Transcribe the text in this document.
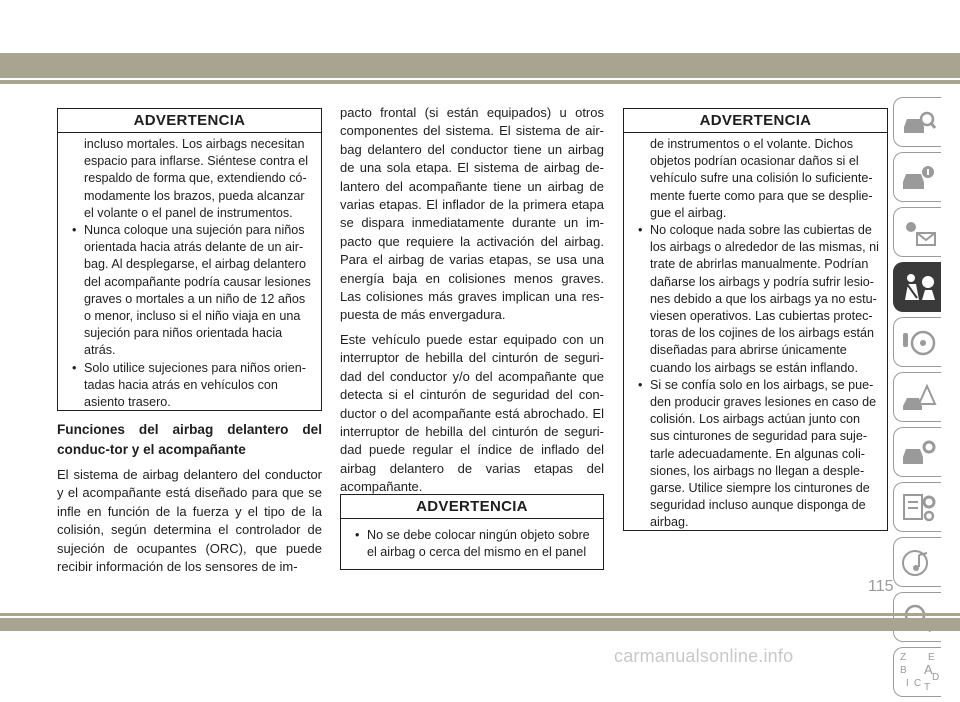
ADVERTENCIA
incluso mortales. Los airbags necesitan espacio para inflarse. Siéntese contra el respaldo de forma que, extendiendo có-modamente los brazos, pueda alcanzar el volante o el panel de instrumentos.
• Nunca coloque una sujeción para niños orientada hacia atrás delante de un air-bag. Al desplegarse, el airbag delantero del acompañante podría causar lesiones graves o mortales a un niño de 12 años o menor, incluso si el niño viaja en una sujeción para niños orientada hacia atrás.
• Solo utilice sujeciones para niños orien-tadas hacia atrás en vehículos con asiento trasero.
Funciones del airbag delantero del conduc-tor y el acompañante

El sistema de airbag delantero del conductor y el acompañante está diseñado para que se infle en función de la fuerza y el tipo de la colisión, según determina el controlador de sujeción de ocupantes (ORC), que puede recibir información de los sensores de im-

pacto frontal (si están equipados) u otros componentes del sistema. El sistema de air-bag delantero del conductor tiene un airbag de una sola etapa. El sistema de airbag de-lantero del acompañante tiene un airbag de varias etapas. El inflador de la primera etapa se dispara inmediatamente durante un im-pacto que requiere la activación del airbag. Para el airbag de varias etapas, se usa una energía baja en colisiones menos graves. Las colisiones más graves implican una res-puesta de más envergadura.

Este vehículo puede estar equipado con un interruptor de hebilla del cinturón de seguri-dad del conductor y/o del acompañante que detecta si el cinturón de seguridad del con-ductor o del acompañante está abrochado. El interruptor de hebilla del cinturón de seguri-dad puede regular el índice de inflado del airbag delantero de varias etapas del acompañante.

ADVERTENCIA
• No se debe colocar ningún objeto sobre el airbag o cerca del mismo en el panel
ADVERTENCIA
de instrumentos o el volante. Dichos objetos podrían ocasionar daños si el vehículo sufre una colisión lo suficiente-mente fuerte como para que se desplie-gue el airbag.
• No coloque nada sobre las cubiertas de los airbags o alrededor de las mismas, ni trate de abrirlas manualmente. Podrían dañarse los airbags y podría sufrir lesio-nes debido a que los airbags ya no estu-viesen operativos. Las cubiertas protec-toras de los cojines de los airbags están diseñadas para abrirse únicamente cuando los airbags se están inflando.
• Si se confía solo en los airbags, se pue-den producir graves lesiones en caso de colisión. Los airbags actúan junto con sus cinturones de seguridad para suje-tarle adecuadamente. En algunas coli-siones, los airbags no llegan a desple-garse. Utilice siempre los cinturones de seguridad incluso aunque disponga de airbag.
Z E
B A
D
I C T
115
carmanualsonline.info
